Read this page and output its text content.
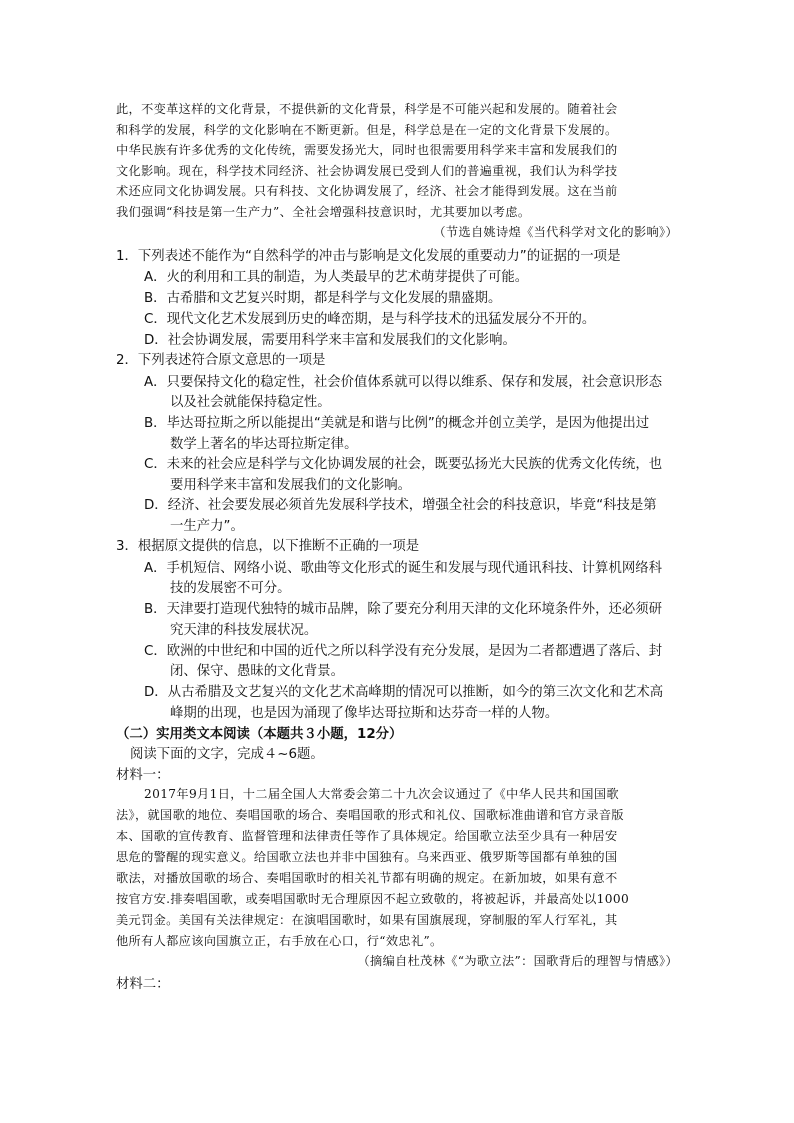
此，不变革这样的文化背景，不提供新的文化背景，科学是不可能兴起和发展的。随着社会
和科学的发展，科学的文化影响在不断更新。但是，科学总是在一定的文化背景下发展的。
中华民族有许多优秀的文化传统，需要发扬光大，同时也很需要用科学来丰富和发展我们的
文化影响。现在，科学技术同经济、社会协调发展已受到人们的普遍重视，我们认为科学技
术还应同文化协调发展。只有科技、文化协调发展了，经济、社会才能得到发展。这在当前
我们强调“科技是第一生产力”、全社会增强科技意识时，尤其要加以考虑。
（节选自姚诗煌《当代科学对文化的影响》）
1．下列表述不能作为“自然科学的冲击与影响是文化发展的重要动力”的证据的一项是
A．火的利用和工具的制造，为人类最早的艺术萌芽提供了可能。
B．古希腊和文艺复兴时期，都是科学与文化发展的鼎盛期。
C．现代文化艺术发展到历史的峰峦期，是与科学技术的迅猛发展分不开的。
D．社会协调发展，需要用科学来丰富和发展我们的文化影响。
2．下列表述符合原文意思的一项是
A．只要保持文化的稳定性，社会价值体系就可以得以维系、保存和发展，社会意识形态
以及社会就能保持稳定性。
B．毕达哥拉斯之所以能提出“美就是和谐与比例”的概念并创立美学，是因为他提出过
数学上著名的毕达哥拉斯定律。
C．未来的社会应是科学与文化协调发展的社会，既要弘扬光大民族的优秀文化传统，也
要用科学来丰富和发展我们的文化影响。
D．经济、社会要发展必须首先发展科学技术，增强全社会的科技意识，毕竟“科技是第
一生产力”。
3．根据原文提供的信息，以下推断不正确的一项是
A．手机短信、网络小说、歌曲等文化形式的诞生和发展与现代通讯科技、计算机网络科
技的发展密不可分。
B．天津要打造现代独特的城市品牌，除了要充分利用天津的文化环境条件外，还必须研
究天津的科技发展状况。
C．欧洲的中世纪和中国的近代之所以科学没有充分发展，是因为二者都遭遇了落后、封
闭、保守、愚昧的文化背景。
D．从古希腊及文艺复兴的文化艺术高峰期的情况可以推断，如今的第三次文化和艺术高
峰期的出现，也是因为涌现了像毕达哥拉斯和达芬奇一样的人物。
（二）实用类文本阅读（本题共３小题，12分）
阅读下面的文字，完成４~6题。
材料一：
2017年9月1日，十二届全国人大常委会第二十九次会议通过了《中华人民共和国国歌
法》，就国歌的地位、奏唱国歌的场合、奏唱国歌的形式和礼仪、国歌标准曲谱和官方录音版
本、国歌的宣传教育、监督管理和法律责任等作了具体规定。给国歌立法至少具有一种居安
思危的警醒的现实意义。给国歌立法也并非中国独有。乌来西亚、俄罗斯等国都有单独的国
歌法，对播放国歌的场合、奏唱国歌时的相关礼节都有明确的规定。在新加坡，如果有意不
按官方安.排奏唱国歌，或奏唱国歌时无合理原因不起立致敬的，将被起诉，并最高处以1000
美元罚金。美国有关法律规定：在演唱国歌时，如果有国旗展现，穿制服的军人行军礼，其
他所有人都应该向国旗立正，右手放在心口，行“效忠礼”。
（摘编自杜茂林《“为歌立法”：国歌背后的理智与情感》）
材料二：
